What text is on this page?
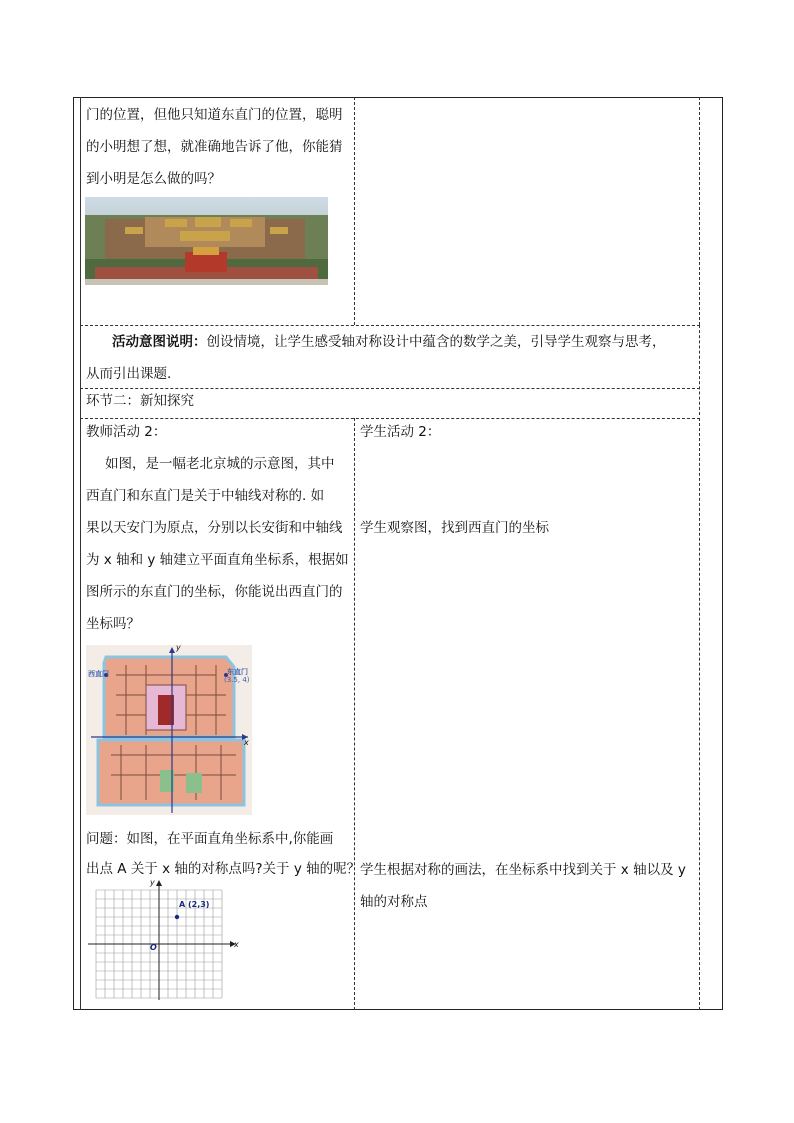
门的位置，但他只知道东直门的位置，聪明
的小明想了想，就准确地告诉了他，你能猜
到小明是怎么做的吗？
活动意图说明：创设情境，让学生感受轴对称设计中蕴含的数学之美，引导学生观察与思考，
从而引出课题.
环节二：新知探究
教师活动 2：
如图，是一幅老北京城的示意图，其中
西直门和东直门是关于中轴线对称的. 如
果以天安门为原点，分别以长安街和中轴线
为 x 轴和 y 轴建立平面直角坐标系，根据如
图所示的东直门的坐标，你能说出西直门的
坐标吗？
西直门	东直门
(3.5, 4)
x
y
问题：如图，在平面直角坐标系中,你能画
出点 A 关于 x 轴的对称点吗?关于 y 轴的呢？
A (2,3)
O	x
y
学生活动 2：
学生观察图，找到西直门的坐标
学生根据对称的画法，在坐标系中找到关于 x 轴以及 y
轴的对称点
